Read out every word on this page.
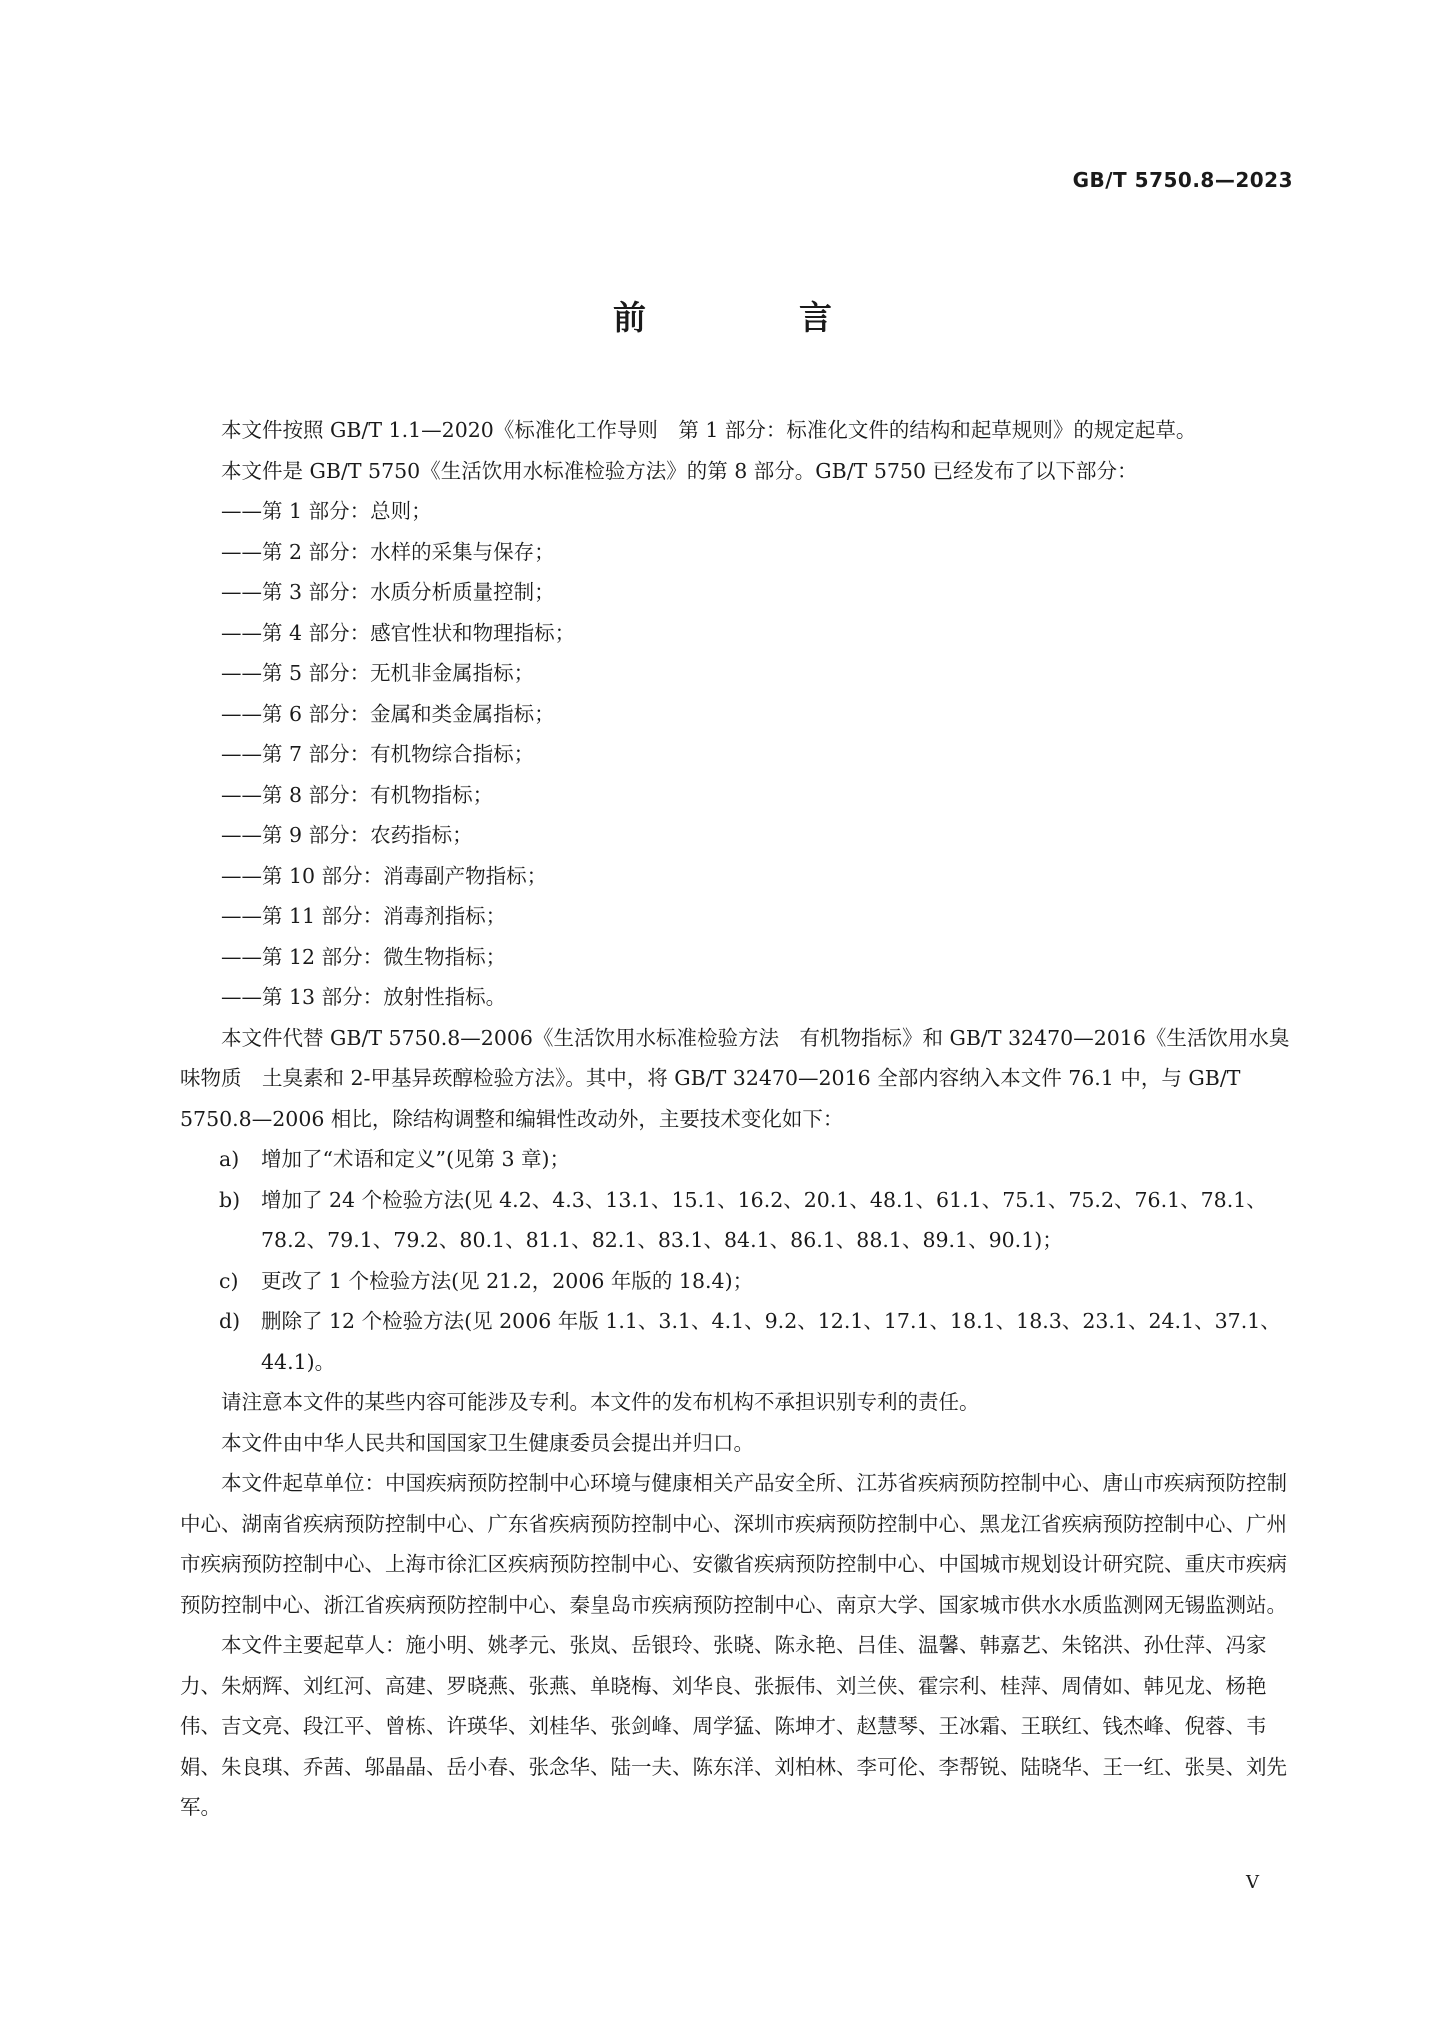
GB/T 5750.8—2023
前　言

本文件按照 GB/T 1.1—2020《标准化工作导则　第 1 部分：标准化文件的结构和起草规则》的规定起草。

本文件是 GB/T 5750《生活饮用水标准检验方法》的第 8 部分。GB/T 5750 已经发布了以下部分：

——第 1 部分：总则；

——第 2 部分：水样的采集与保存；

——第 3 部分：水质分析质量控制；

——第 4 部分：感官性状和物理指标；

——第 5 部分：无机非金属指标；

——第 6 部分：金属和类金属指标；

——第 7 部分：有机物综合指标；

——第 8 部分：有机物指标；

——第 9 部分：农药指标；

——第 10 部分：消毒副产物指标；

——第 11 部分：消毒剂指标；

——第 12 部分：微生物指标；

——第 13 部分：放射性指标。

本文件代替 GB/T 5750.8—2006《生活饮用水标准检验方法　有机物指标》和 GB/T 32470—2016《生活饮用水臭味物质　土臭素和 2-甲基异莰醇检验方法》。其中，将 GB/T 32470—2016 全部内容纳入本文件 76.1 中，与 GB/T 5750.8—2006 相比，除结构调整和编辑性改动外，主要技术变化如下：

a) 增加了“术语和定义”(见第 3 章)；

b) 增加了 24 个检验方法(见 4.2、4.3、13.1、15.1、16.2、20.1、48.1、61.1、75.1、75.2、76.1、78.1、78.2、79.1、79.2、80.1、81.1、82.1、83.1、84.1、86.1、88.1、89.1、90.1)；

c) 更改了 1 个检验方法(见 21.2，2006 年版的 18.4)；

d) 删除了 12 个检验方法(见 2006 年版 1.1、3.1、4.1、9.2、12.1、17.1、18.1、18.3、23.1、24.1、37.1、44.1)。

请注意本文件的某些内容可能涉及专利。本文件的发布机构不承担识别专利的责任。

本文件由中华人民共和国国家卫生健康委员会提出并归口。

本文件起草单位：中国疾病预防控制中心环境与健康相关产品安全所、江苏省疾病预防控制中心、唐山市疾病预防控制中心、湖南省疾病预防控制中心、广东省疾病预防控制中心、深圳市疾病预防控制中心、黑龙江省疾病预防控制中心、广州市疾病预防控制中心、上海市徐汇区疾病预防控制中心、安徽省疾病预防控制中心、中国城市规划设计研究院、重庆市疾病预防控制中心、浙江省疾病预防控制中心、秦皇岛市疾病预防控制中心、南京大学、国家城市供水水质监测网无锡监测站。

本文件主要起草人：施小明、姚孝元、张岚、岳银玲、张晓、陈永艳、吕佳、温馨、韩嘉艺、朱铭洪、孙仕萍、冯家力、朱炳辉、刘红河、高建、罗晓燕、张燕、单晓梅、刘华良、张振伟、刘兰侠、霍宗利、桂萍、周倩如、韩见龙、杨艳伟、吉文亮、段江平、曾栋、许瑛华、刘桂华、张剑峰、周学猛、陈坤才、赵慧琴、王冰霜、王联红、钱杰峰、倪蓉、韦娟、朱良琪、乔茜、邬晶晶、岳小春、张念华、陆一夫、陈东洋、刘柏林、李可伦、李帮锐、陆晓华、王一红、张昊、刘先军。

V
